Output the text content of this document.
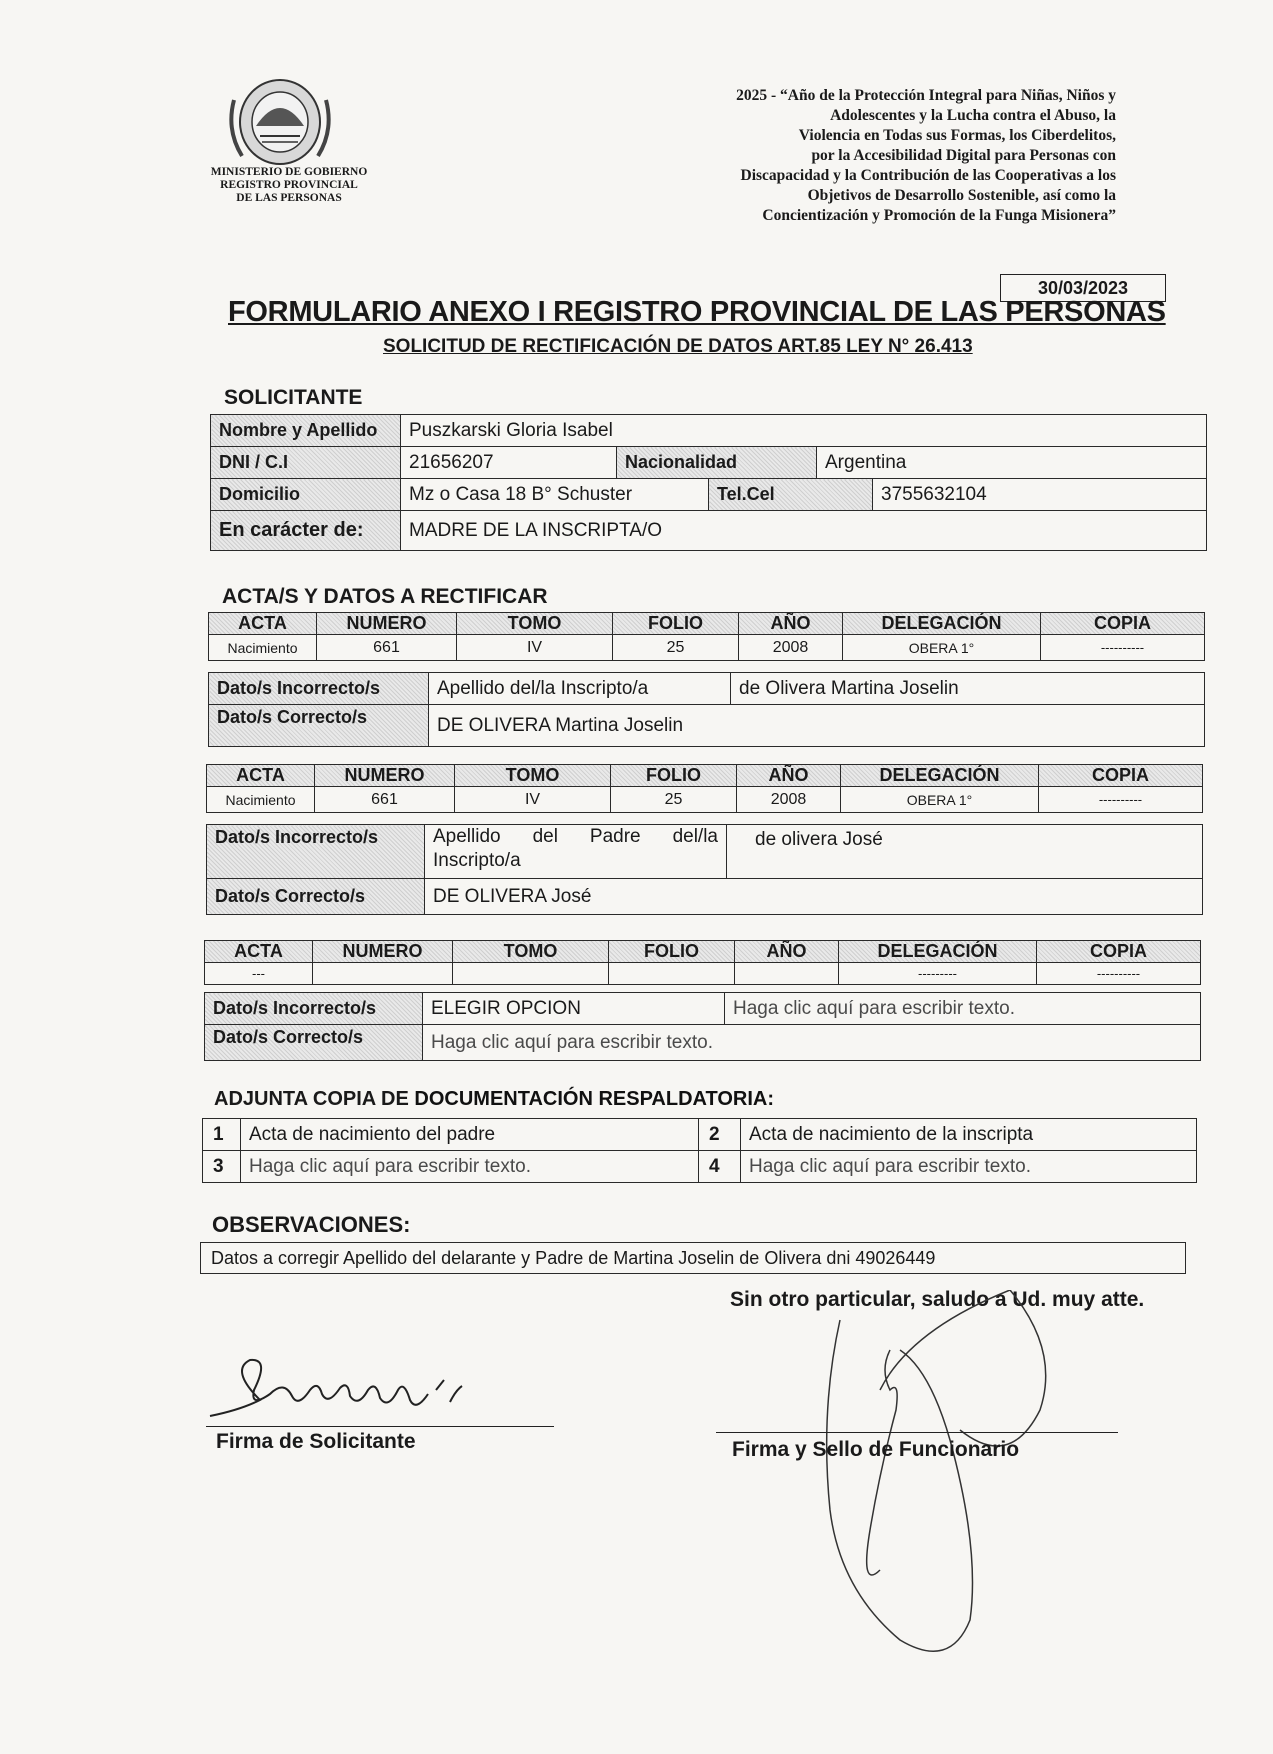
MINISTERIO DE GOBIERNO
REGISTRO PROVINCIAL
DE LAS PERSONAS
2025 - “Año de la Protección Integral para Niñas, Niños y
Adolescentes y la Lucha contra el Abuso, la
Violencia en Todas sus Formas, los Ciberdelitos,
por la Accesibilidad Digital para Personas con
Discapacidad y la Contribución de las Cooperativas a los
Objetivos de Desarrollo Sostenible, así como la
Concientización y Promoción de la Funga Misionera”
30/03/2023
FORMULARIO ANEXO I REGISTRO PROVINCIAL DE LAS PERSONAS
SOLICITUD DE RECTIFICACIÓN DE DATOS ART.85 LEY N° 26.413
SOLICITANTE
Nombre y Apellido	Puszkarski Gloria Isabel				
DNI / C.I	21656207	Nacionalidad		Argentina	
Domicilio	Mz o Casa 18 B° Schuster		Tel.Cel		3755632104
En carácter de:	MADRE DE LA INSCRIPTA/O				
ACTA/S Y DATOS A RECTIFICAR
ACTA	NUMERO	TOMO	FOLIO	AÑO	DELEGACIÓN	COPIA
Nacimiento	661	IV	25	2008	OBERA 1°	----------
Dato/s Incorrecto/s	Apellido del/la Inscripto/a	de Olivera Martina Joselin
Dato/s Correcto/s	DE OLIVERA Martina Joselin	
ACTA	NUMERO	TOMO	FOLIO	AÑO	DELEGACIÓN	COPIA
Nacimiento	661	IV	25	2008	OBERA 1°	----------
Dato/s Incorrecto/s	Apellido del Padre del/la Inscripto/a	de olivera José
Dato/s Correcto/s	DE OLIVERA José	
ACTA	NUMERO	TOMO	FOLIO	AÑO	DELEGACIÓN	COPIA
---					---------	----------
Dato/s Incorrecto/s	ELEGIR OPCION	Haga clic aquí para escribir texto.
Dato/s Correcto/s	Haga clic aquí para escribir texto.	
ADJUNTA COPIA DE DOCUMENTACIÓN RESPALDATORIA:
1	Acta de nacimiento del padre	2	Acta de nacimiento de la inscripta
3	Haga clic aquí para escribir texto.	4	Haga clic aquí para escribir texto.
OBSERVACIONES:
Datos a corregir Apellido del delarante y Padre de Martina Joselin de Olivera dni 49026449
Sin otro particular, saludo a Ud. muy atte.
Firma de Solicitante	Firma y Sello de Funcionario
